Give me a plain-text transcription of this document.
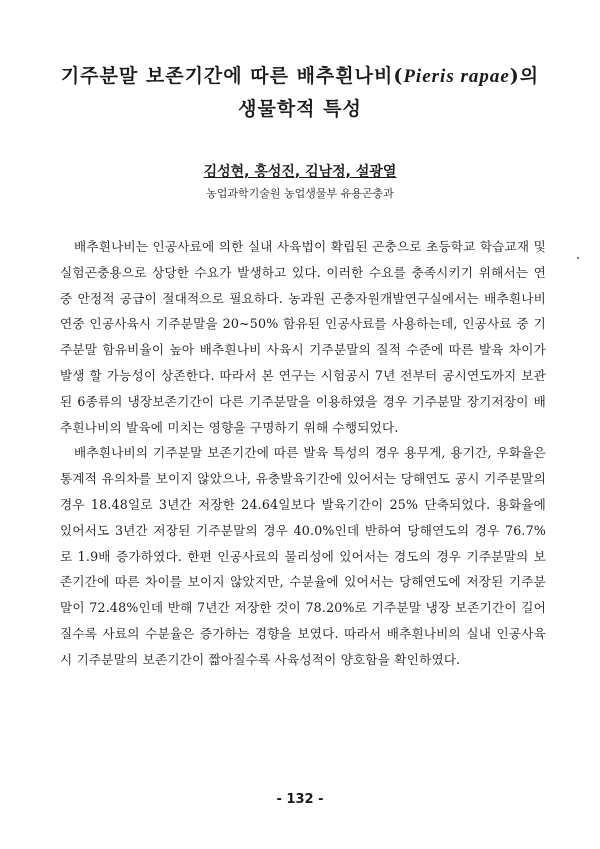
기주분말 보존기간에 따른 배추흰나비(Pieris rapae)의
생물학적 특성
김성현, 홍성진, 김남정, 설광열
농업과학기술원 농업생물부 유용곤충과

배추흰나비는 인공사료에 의한 실내 사육법이 확립된 곤충으로 초등학교 학습교재 및 실험곤충용으로 상당한 수요가 발생하고 있다. 이러한 수요를 충족시키기 위해서는 연중 안정적 공급이 절대적으로 필요하다. 농과원 곤충자원개발연구실에서는 배추흰나비 연중 인공사육시 기주분말을 20~50% 함유된 인공사료를 사용하는데, 인공사료 중 기주분말 함유비율이 높아 배추흰나비 사육시 기주분말의 질적 수준에 따른 발육 차이가 발생 할 가능성이 상존한다. 따라서 본 연구는 시험공시 7년 전부터 공시연도까지 보관된 6종류의 냉장보존기간이 다른 기주분말을 이용하였을 경우 기주분말 장기저장이 배추흰나비의 발육에 미치는 영향을 구명하기 위해 수행되었다.

배추흰나비의 기주분말 보존기간에 따른 발육 특성의 경우 용무게, 용기간, 우화율은 통계적 유의차를 보이지 않았으나, 유충발육기간에 있어서는 당해연도 공시 기주분말의 경우 18.48일로 3년간 저장한 24.64일보다 발육기간이 25% 단축되었다. 용화율에 있어서도 3년간 저장된 기주분말의 경우 40.0%인데 반하여 당해연도의 경우 76.7%로 1.9배 증가하였다. 한편 인공사료의 물리성에 있어서는 경도의 경우 기주분말의 보존기간에 따른 차이를 보이지 않았지만, 수분율에 있어서는 당해연도에 저장된 기주분말이 72.48%인데 반해 7년간 저장한 것이 78.20%로 기주분말 냉장 보존기간이 길어질수록 사료의 수분율은 증가하는 경향을 보였다. 따라서 배추흰나비의 실내 인공사육시 기주분말의 보존기간이 짧아질수록 사육성적이 양호함을 확인하였다.

- 132 -
